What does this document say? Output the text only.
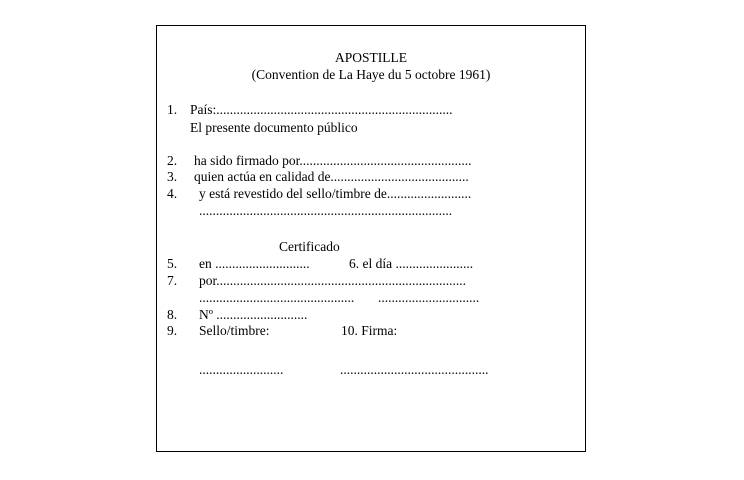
APOSTILLE
(Convention de La Haye du 5 octobre 1961)
1. País:......................................................................
El presente documento público
2. ha sido firmado por...................................................
3. quien actúa en calidad de.........................................
4. y está revestido del sello/timbre de.........................
...........................................................................
Certificado
5. en ............................	6. el día .......................
7. por..........................................................................
.............................................. ..............................
8. Nº ...........................
9. Sello/timbre:	10. Firma:
.........................	............................................
